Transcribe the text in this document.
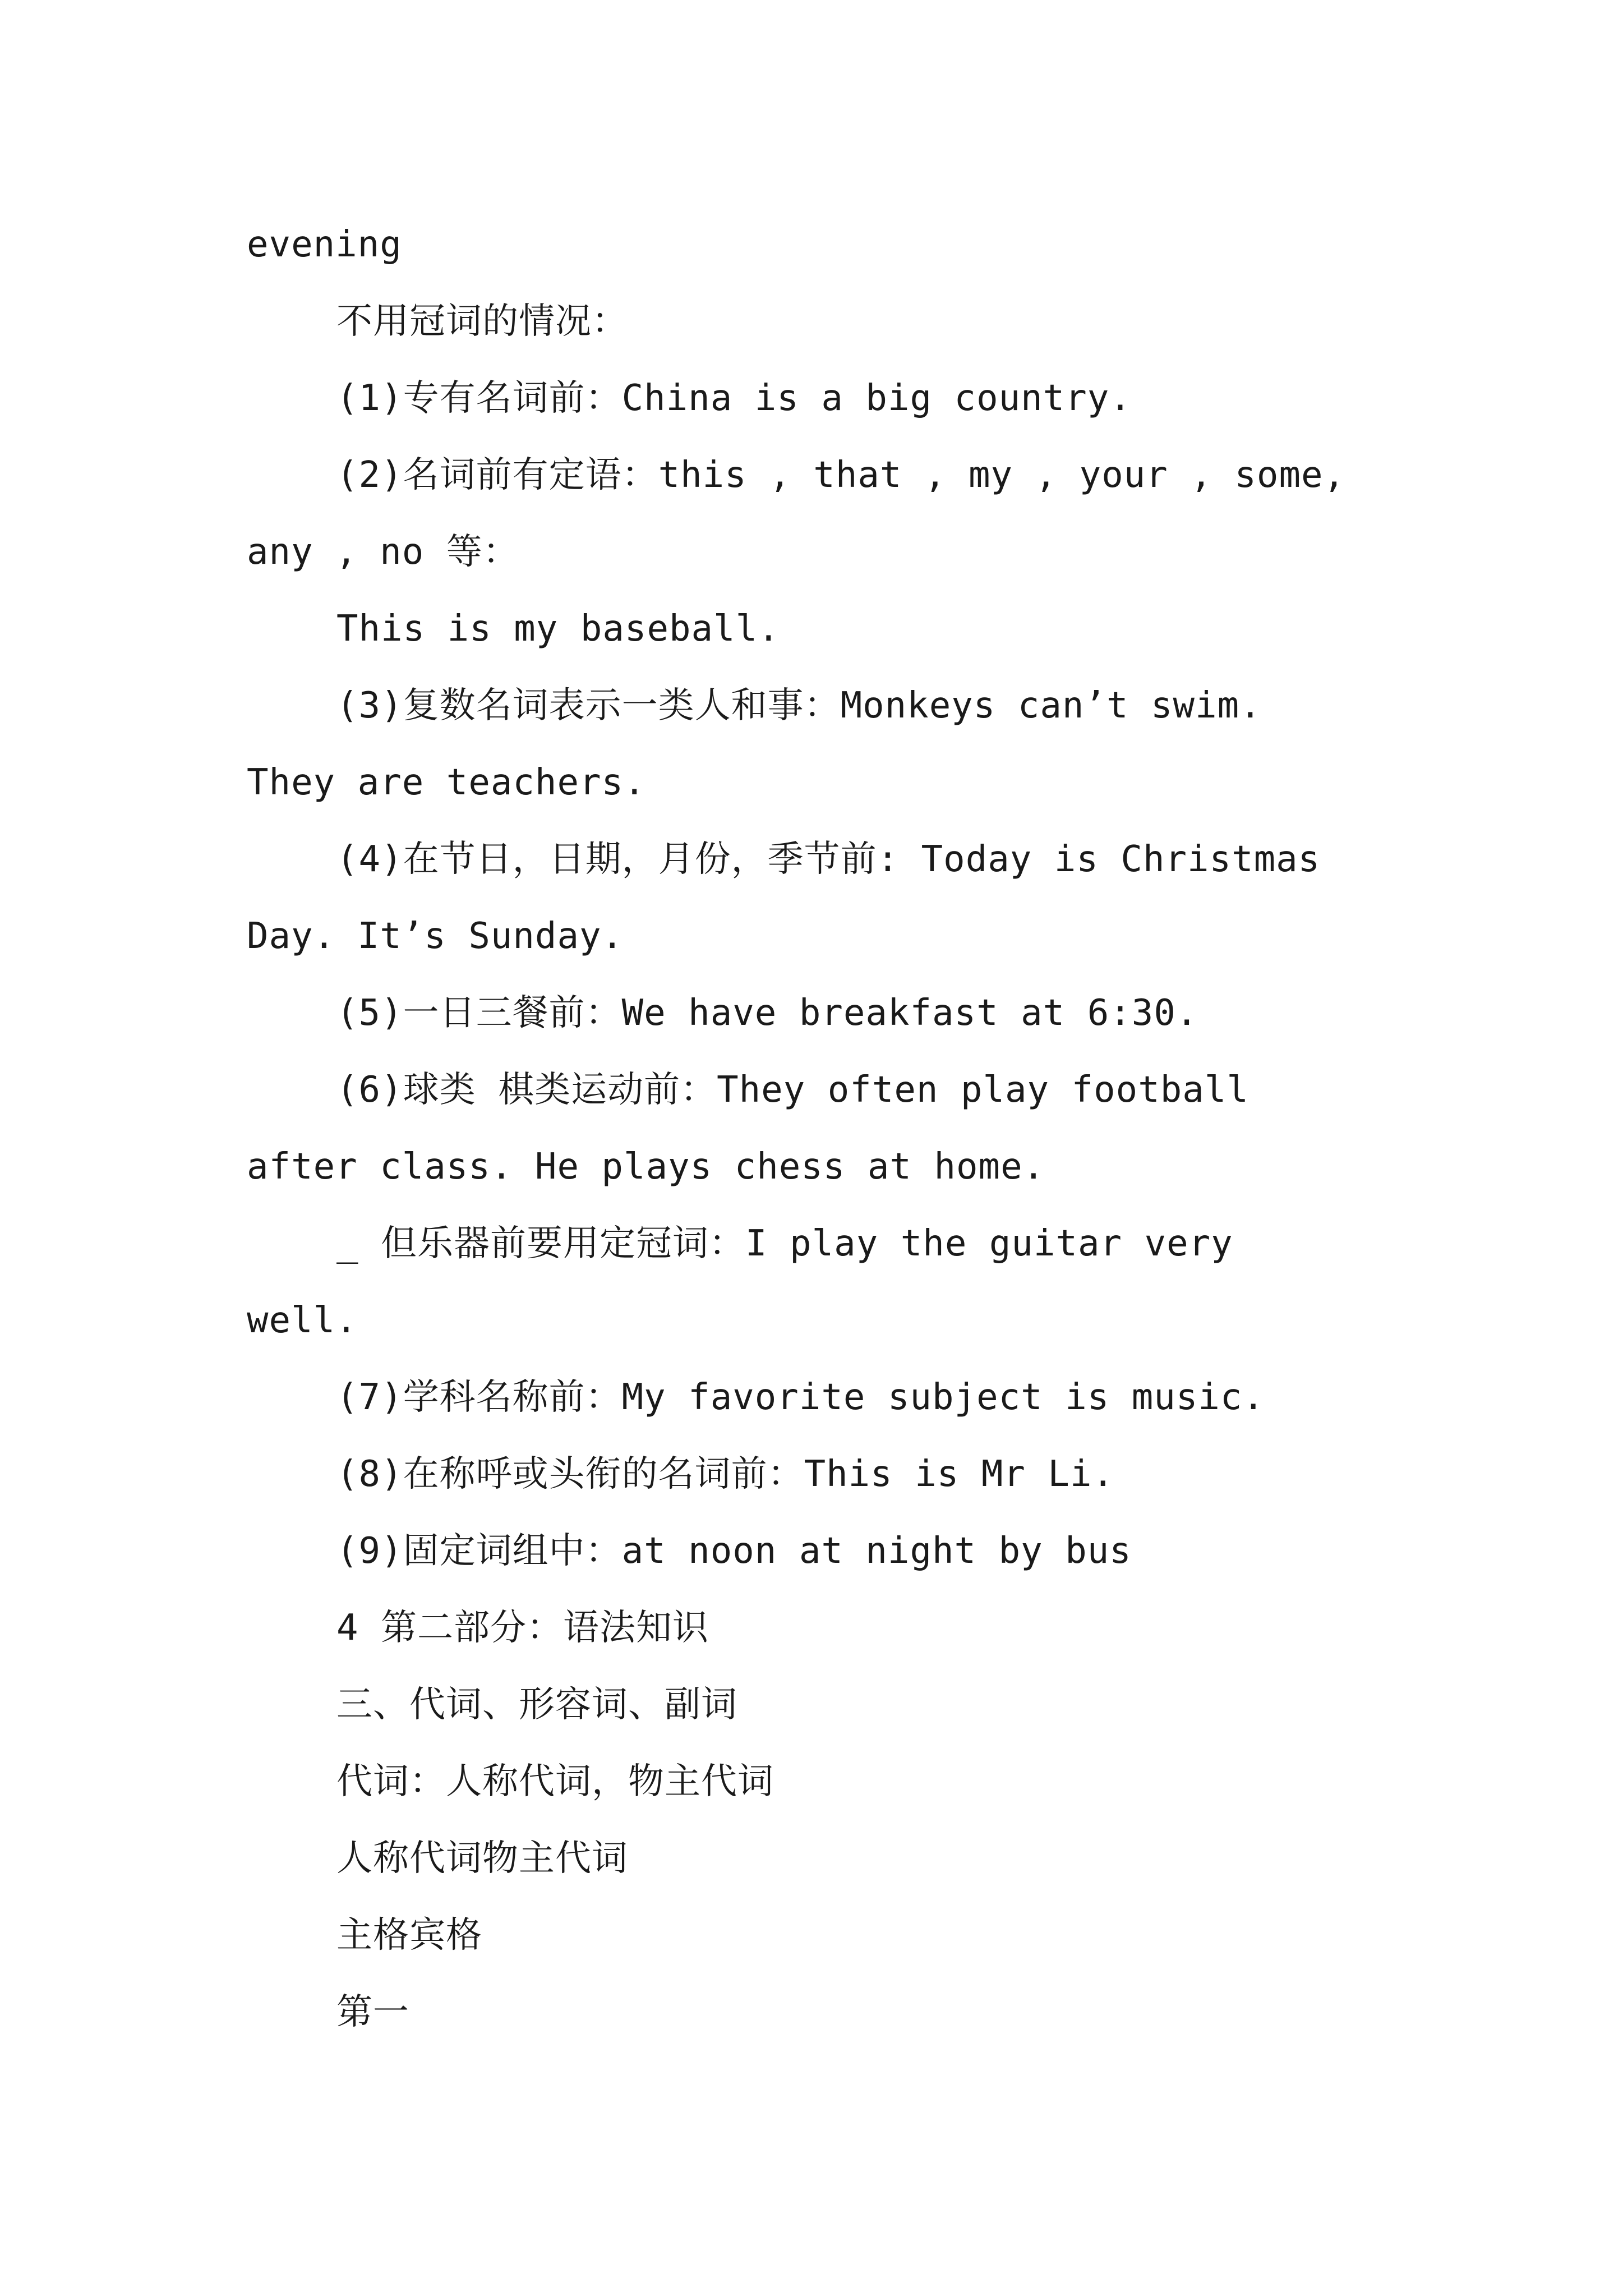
evening
不用冠词的情况：
(1)专有名词前：China is a big country.
(2)名词前有定语：this , that , my , your , some,
any , no 等：
This is my baseball.
(3)复数名词表示一类人和事：Monkeys can’t swim.
They are teachers.
(4)在节日，日期，月份，季节前: Today is Christmas
Day. It’s Sunday.
(5)一日三餐前：We have breakfast at 6:30.
(6)球类 棋类运动前：They often play football
after class. He plays chess at home.
_ 但乐器前要用定冠词：I play the guitar very
well.
(7)学科名称前：My favorite subject is music.
(8)在称呼或头衔的名词前：This is Mr Li.
(9)固定词组中：at noon at night by bus
4 第二部分：语法知识
三、代词、形容词、副词
代词：人称代词，物主代词
人称代词物主代词
主格宾格
第一
